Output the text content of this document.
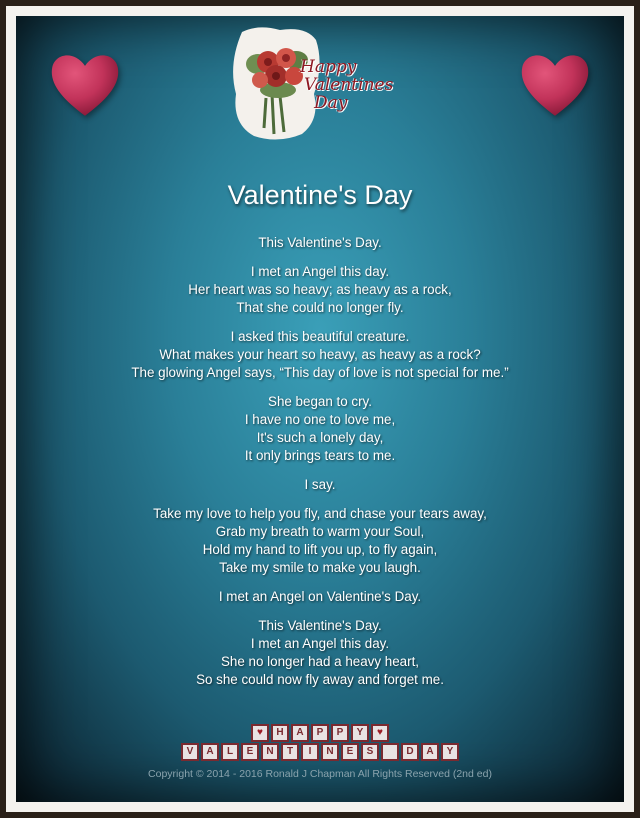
Happy
Valentines
Day
Valentine's Day

This Valentine's Day.

I met an Angel this day.
Her heart was so heavy; as heavy as a rock,
That she could no longer fly.

I asked this beautiful creature.
What makes your heart so heavy, as heavy as a rock?
The glowing Angel says, “This day of love is not special for me.”

She began to cry.
I have no one to love me,
It's such a lonely day,
It only brings tears to me.

I say.

Take my love to help you fly, and chase your tears away,
Grab my breath to warm your Soul,
Hold my hand to lift you up, to fly again,
Take my smile to make you laugh.

I met an Angel on Valentine's Day.

This Valentine's Day.
I met an Angel this day.
She no longer had a heavy heart,
So she could now fly away and forget me.

♥ H A P P Y ♥
V A L E N T I N E S	D A Y
Copyright © 2014 - 2016 Ronald J Chapman All Rights Reserved (2nd ed)
